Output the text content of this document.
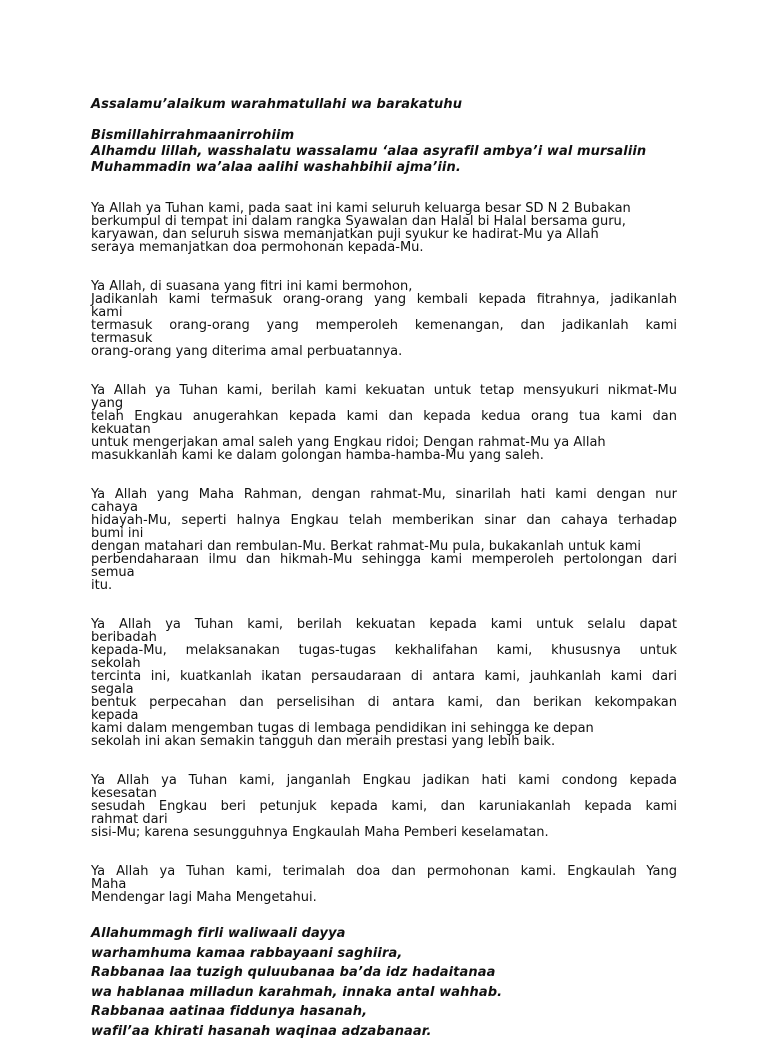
Assalamu’alaikum warahmatullahi wa barakatuhu
Bismillahirrahmaanirrohiim
Alhamdu lillah, wasshalatu wassalamu ‘alaa asyrafil ambya’i wal mursaliin
Muhammadin wa’alaa aalihi washahbihii ajma’iin.
Ya Allah ya Tuhan kami, pada saat ini kami seluruh keluarga besar SD N 2 Bubakan
berkumpul di tempat ini dalam rangka Syawalan dan Halal bi Halal bersama guru,
karyawan, dan seluruh siswa memanjatkan puji syukur ke hadirat-Mu ya Allah
seraya memanjatkan doa permohonan kepada-Mu.
Ya Allah, di suasana yang fitri ini kami bermohon,
Jadikanlah kami termasuk orang-orang yang kembali kepada fitrahnya, jadikanlah
kami
termasuk orang-orang yang memperoleh kemenangan, dan jadikanlah kami
termasuk
orang-orang yang diterima amal perbuatannya.
Ya Allah ya Tuhan kami, berilah kami kekuatan untuk tetap mensyukuri nikmat-Mu
yang
telah Engkau anugerahkan kepada kami dan kepada kedua orang tua kami dan
kekuatan
untuk mengerjakan amal saleh yang Engkau ridoi; Dengan rahmat-Mu ya Allah
masukkanlah kami ke dalam golongan hamba-hamba-Mu yang saleh.
Ya Allah yang Maha Rahman, dengan rahmat-Mu, sinarilah hati kami dengan nur
cahaya
hidayah-Mu, seperti halnya Engkau telah memberikan sinar dan cahaya terhadap
bumi ini
dengan matahari dan rembulan-Mu. Berkat rahmat-Mu pula, bukakanlah untuk kami
perbendaharaan ilmu dan hikmah-Mu sehingga kami memperoleh pertolongan dari
semua
itu.
Ya Allah ya Tuhan kami, berilah kekuatan kepada kami untuk selalu dapat
beribadah
kepada-Mu, melaksanakan tugas-tugas kekhalifahan kami, khususnya untuk
sekolah
tercinta ini, kuatkanlah ikatan persaudaraan di antara kami, jauhkanlah kami dari
segala
bentuk perpecahan dan perselisihan di antara kami, dan berikan kekompakan
kepada
kami dalam mengemban tugas di lembaga pendidikan ini sehingga ke depan
sekolah ini akan semakin tangguh dan meraih prestasi yang lebih baik.
Ya Allah ya Tuhan kami, janganlah Engkau jadikan hati kami condong kepada
kesesatan
sesudah Engkau beri petunjuk kepada kami, dan karuniakanlah kepada kami
rahmat dari
sisi-Mu; karena sesungguhnya Engkaulah Maha Pemberi keselamatan.
Ya Allah ya Tuhan kami, terimalah doa dan permohonan kami. Engkaulah Yang
Maha
Mendengar lagi Maha Mengetahui.
Allahummagh firli waliwaali dayya
warhamhuma kamaa rabbayaani saghiira,
Rabbanaa laa tuzigh quluubanaa ba’da idz hadaitanaa
wa hablanaa milladun karahmah, innaka antal wahhab.
Rabbanaa aatinaa fiddunya hasanah,
wafil’aa khirati hasanah waqinaa adzabanaar.
